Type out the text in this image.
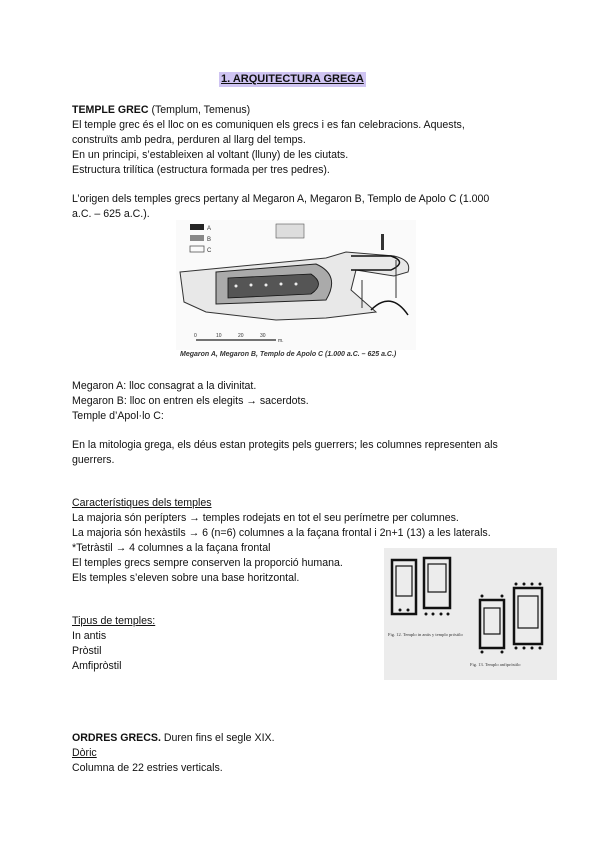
1. ARQUITECTURA GREGA
TEMPLE GREC (Templum, Temenus)
El temple grec és el lloc on es comuniquen els grecs i es fan celebracions. Aquests,
construïts amb pedra, perduren al llarg del temps.
En un principi, s’estableixen al voltant (lluny) de les ciutats.
Estructura trilítica (estructura formada per tres pedres).
L’origen dels temples grecs pertany al Megaron A, Megaron B, Templo de Apolo C (1.000
a.C. – 625 a.C.).
A
B
C
0	10	20	30
m.
Megaron A, Megaron B, Templo de Apolo C (1.000 a.C. – 625 a.C.)
Megaron A: lloc consagrat a la divinitat.
Megaron B: lloc on entren els elegits → sacerdots.
Temple d’Apol·lo C:
En la mitologia grega, els déus estan protegits pels guerrers; les columnes representen als
guerrers.
Característiques dels temples
La majoria són perípters → temples rodejats en tot el seu perímetre per columnes.
La majoria són hexàstils → 6 (n=6) columnes a la façana frontal i 2n+1 (13) a les laterals.
*Tetràstil → 4 columnes a la façana frontal
El temples grecs sempre conserven la proporció humana.
Els temples s’eleven sobre una base horitzontal.
Tipus de temples:
In antis
Pròstil
Amfipròstil
Fig. 12. Templo in antis y templo próstilo
Fig. 13. Templo anfipróstilo
ORDRES GRECS. Duren fins el segle XIX.
Dòric
Columna de 22 estries verticals.
